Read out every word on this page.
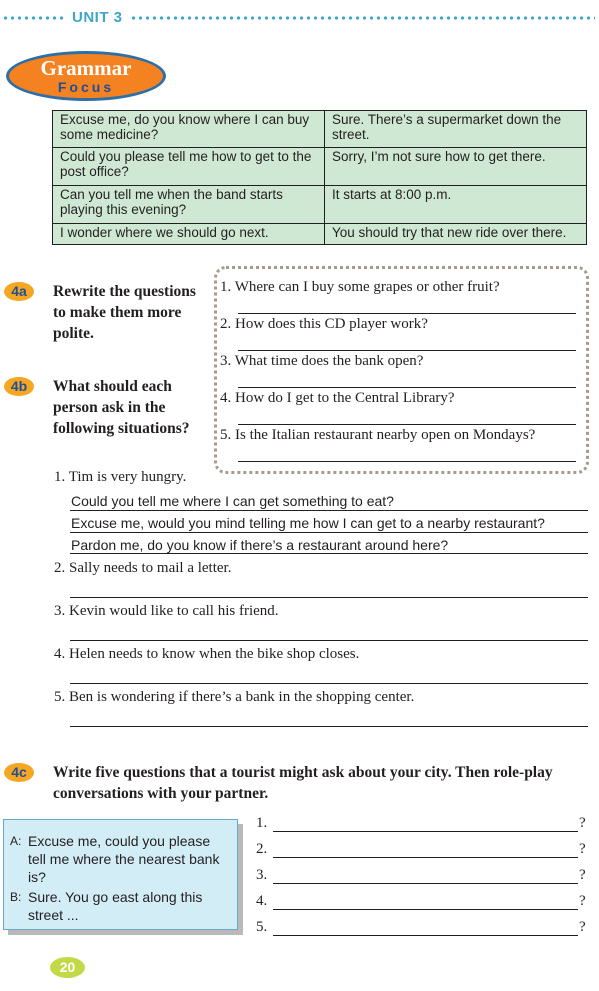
UNIT 3
Grammar
Focus
Excuse me, do you know where I can buy some medicine?	Sure. There’s a supermarket down the street.
Could you please tell me how to get to the post office?	Sorry, I’m not sure how to get there.
Can you tell me when the band starts playing this evening?	It starts at 8:00 p.m.
I wonder where we should go next.	You should try that new ride over there.
4a	Rewrite the questions to make them more polite.
1. Where can I buy some grapes or other fruit?
2. How does this CD player work?
3. What time does the bank open?
4. How do I get to the Central Library?
5. Is the Italian restaurant nearby open on Mondays?
4b	What should each person ask in the following situations?
1. Tim is very hungry.
Could you tell me where I can get something to eat?
Excuse me, would you mind telling me how I can get to a nearby restaurant?
Pardon me, do you know if there’s a restaurant around here?
2. Sally needs to mail a letter.
3. Kevin would like to call his friend.
4. Helen needs to know when the bike shop closes.
5. Ben is wondering if there’s a bank in the shopping center.
4c	Write five questions that a tourist might ask about your city. Then role-play conversations with your partner.
A: Excuse me, could you please tell me where the nearest bank is?
B: Sure. You go east along this street ...
1.	?
2.	?
3.	?
4.	?
5.	?
20
